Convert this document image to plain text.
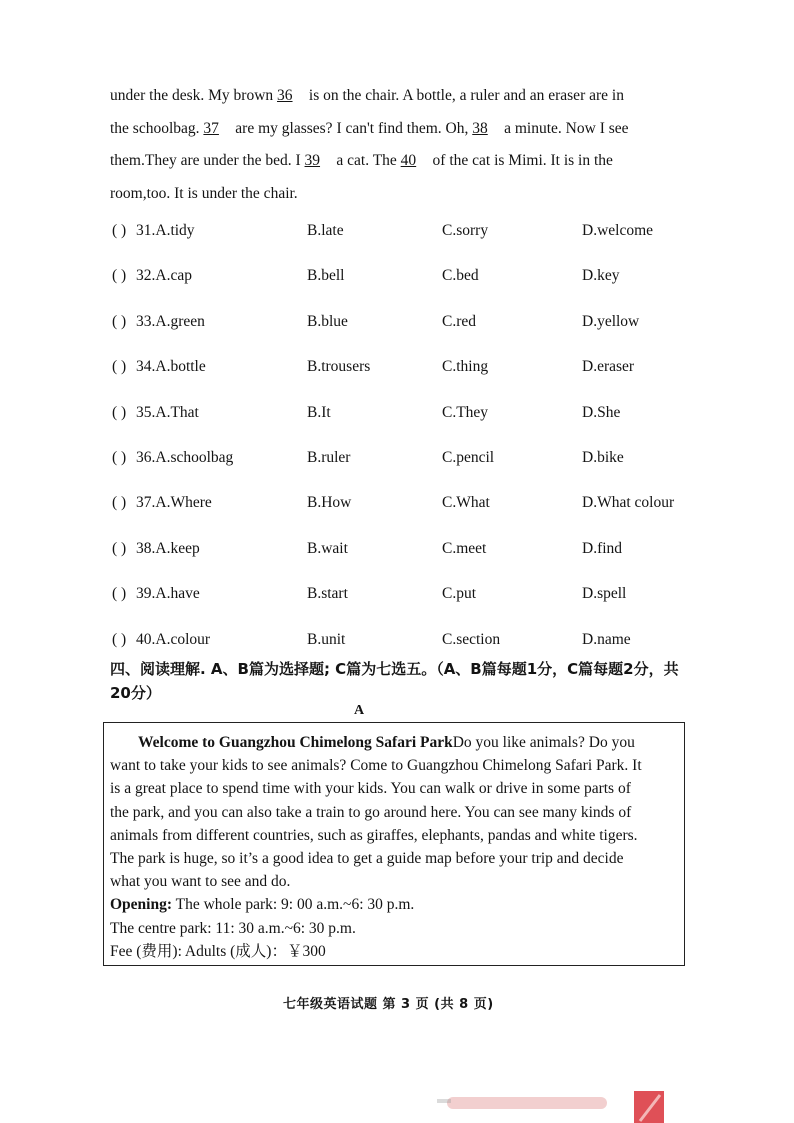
under the desk. My brown 36 is on the chair. A bottle, a ruler and an eraser are in
the schoolbag. 37 are my glasses? I can't find them. Oh, 38 a minute. Now I see
them.They are under the bed. I 39 a cat. The 40 of the cat is Mimi. It is in the
room,too. It is under the chair.
( ) 31.A.tidy	B.late	C.sorry	D.welcome
( ) 32.A.cap	B.bell	C.bed	D.key
( ) 33.A.green	B.blue	C.red	D.yellow
( ) 34.A.bottle	B.trousers	C.thing	D.eraser
( ) 35.A.That	B.It	C.They	D.She
( ) 36.A.schoolbag	B.ruler	C.pencil	D.bike
( ) 37.A.Where	B.How	C.What	D.What colour
( ) 38.A.keep	B.wait	C.meet	D.find
( ) 39.A.have	B.start	C.put	D.spell
( ) 40.A.colour	B.unit	C.section	D.name
四、阅读理解. A、B篇为选择题; C篇为七选五。（A、B篇每题1分，C篇每题2分，共20分）
A
Welcome to Guangzhou Chimelong Safari ParkDo you like animals? Do you
want to take your kids to see animals? Come to Guangzhou Chimelong Safari Park. It
is a great place to spend time with your kids. You can walk or drive in some parts of
the park, and you can also take a train to go around here. You can see many kinds of
animals from different countries, such as giraffes, elephants, pandas and white tigers.
The park is huge, so it’s a good idea to get a guide map before your trip and decide
what you want to see and do.
Opening: The whole park: 9: 00 a.m.~6: 30 p.m.
The centre park: 11: 30 a.m.~6: 30 p.m.
Fee (费用): Adults (成人)：￥300
七年级英语试题 第 3 页 (共 8 页)
